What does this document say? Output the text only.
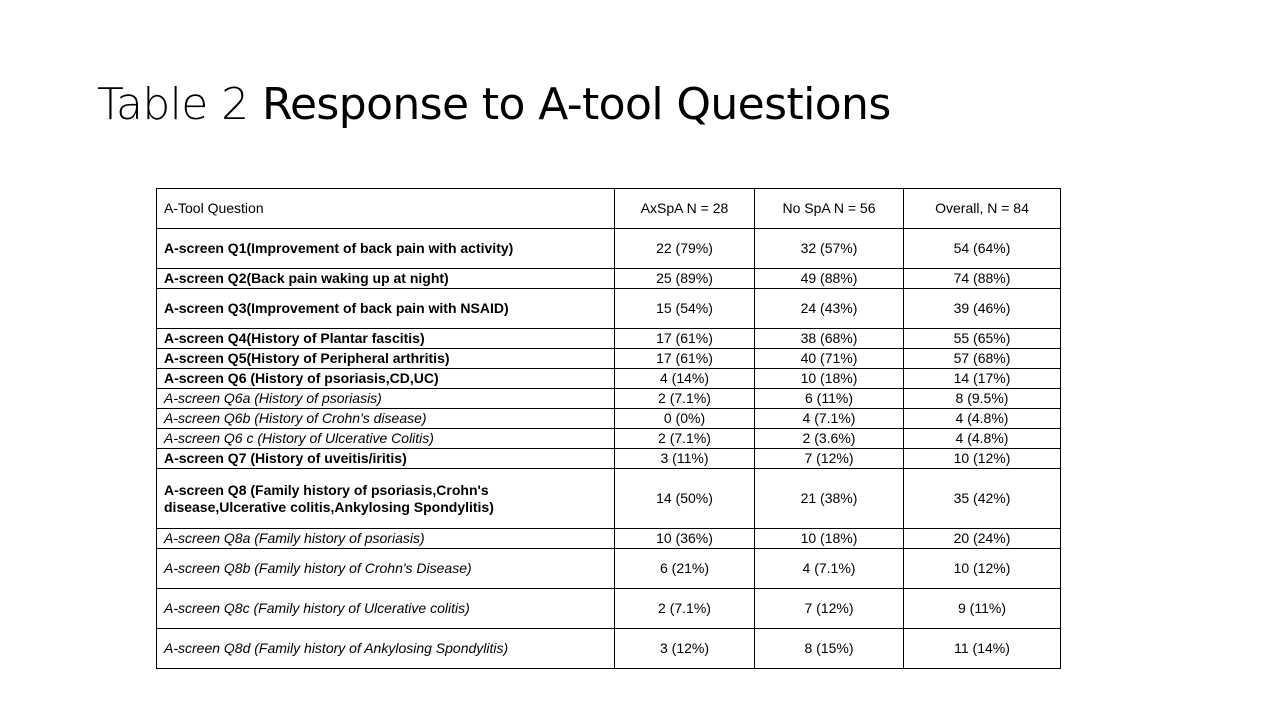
Table 2 Response to A-tool Questions
A-Tool Question	AxSpA N = 28	No SpA N = 56	Overall, N = 84
A-screen Q1(Improvement of back pain with activity)	22 (79%)	32 (57%)	54 (64%)
A-screen Q2(Back pain waking up at night)	25 (89%)	49 (88%)	74 (88%)
A-screen Q3(Improvement of back pain with NSAID)	15 (54%)	24 (43%)	39 (46%)
A-screen Q4(History of Plantar fascitis)	17 (61%)	38 (68%)	55 (65%)
A-screen Q5(History of Peripheral arthritis)	17 (61%)	40 (71%)	57 (68%)
A-screen Q6 (History of psoriasis,CD,UC)	4 (14%)	10 (18%)	14 (17%)
A-screen Q6a (History of psoriasis)	2 (7.1%)	6 (11%)	8 (9.5%)
A-screen Q6b (History of Crohn's disease)	0 (0%)	4 (7.1%)	4 (4.8%)
A-screen Q6 c (History of Ulcerative Colitis)	2 (7.1%)	2 (3.6%)	4 (4.8%)
A-screen Q7 (History of uveitis/iritis)	3 (11%)	7 (12%)	10 (12%)
A-screen Q8 (Family history of psoriasis,Crohn's disease,Ulcerative colitis,Ankylosing Spondylitis)	14 (50%)	21 (38%)	35 (42%)
A-screen Q8a (Family history of psoriasis)	10 (36%)	10 (18%)	20 (24%)
A-screen Q8b (Family history of Crohn's Disease)	6 (21%)	4 (7.1%)	10 (12%)
A-screen Q8c (Family history of Ulcerative colitis)	2 (7.1%)	7 (12%)	9 (11%)
A-screen Q8d (Family history of Ankylosing Spondylitis)	3 (12%)	8 (15%)	11 (14%)
